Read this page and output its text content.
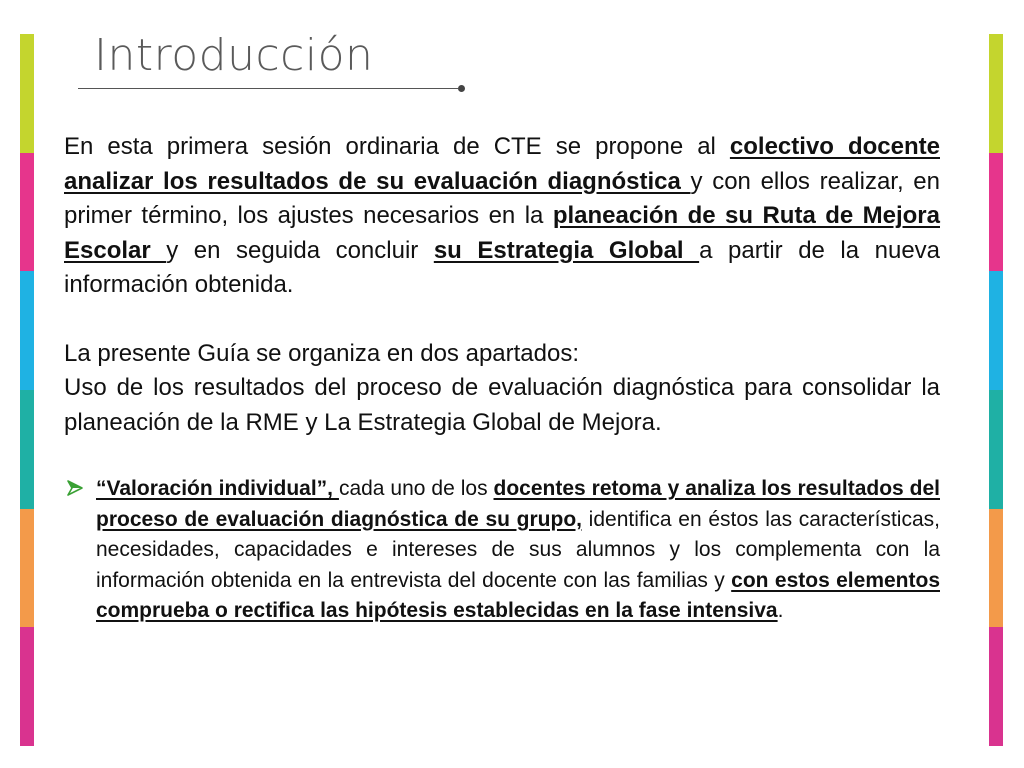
Introducción

En esta primera sesión ordinaria de CTE se propone al colectivo docente analizar los resultados de su evaluación diagnóstica y con ellos realizar, en primer término, los ajustes necesarios en la planeación de su Ruta de Mejora Escolar y en seguida concluir su Estrategia Global a partir de la nueva información obtenida.

La presente Guía se organiza en dos apartados:

Uso de los resultados del proceso de evaluación diagnóstica para consolidar la planeación de la RME y La Estrategia Global de Mejora.

“Valoración individual”, cada uno de los docentes retoma y analiza los resultados del proceso de evaluación diagnóstica de su grupo, identifica en éstos las características, necesidades, capacidades e intereses de sus alumnos y los complementa con la información obtenida en la entrevista del docente con las familias y con estos elementos comprueba o rectifica las hipótesis establecidas en la fase intensiva.
